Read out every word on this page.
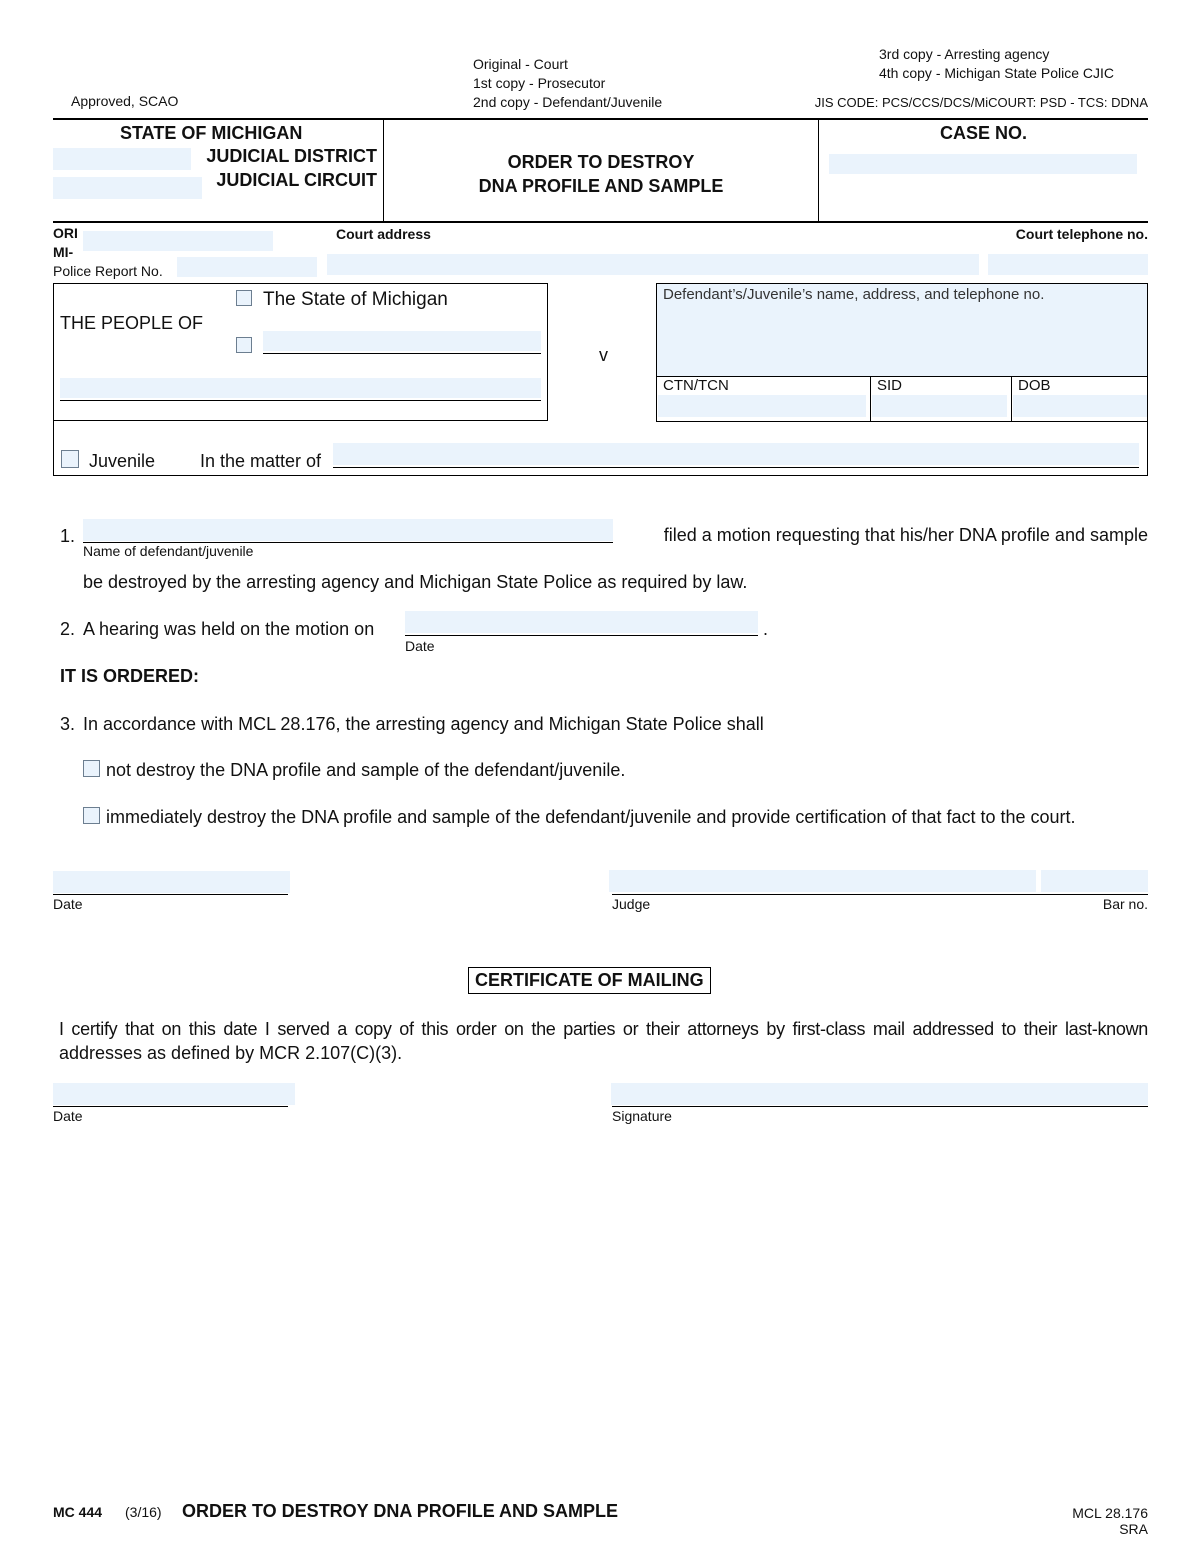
Approved, SCAO
Original - Court
1st copy - Prosecutor
2nd copy - Defendant/Juvenile
3rd copy - Arresting agency
4th copy - Michigan State Police CJIC
JIS CODE: PCS/CCS/DCS/MiCOURT: PSD - TCS: DDNA
STATE OF MICHIGAN
JUDICIAL DISTRICT
JUDICIAL CIRCUIT
ORDER TO DESTROY
DNA PROFILE AND SAMPLE
CASE NO.
ORI
MI-
Police Report No.
Court address	Court telephone no.
THE PEOPLE OF
The State of Michigan
v
Defendant’s/Juvenile’s name, address, and telephone no.
CTN/TCN	SID	DOB
Juvenile In the matter of
1.	filed a motion requesting that his/her DNA profile and sample
Name of defendant/juvenile
be destroyed by the arresting agency and Michigan State Police as required by law.
2. A hearing was held on the motion on	.
Date
IT IS ORDERED:
3. In accordance with MCL 28.176, the arresting agency and Michigan State Police shall
not destroy the DNA profile and sample of the defendant/juvenile.
immediately destroy the DNA profile and sample of the defendant/juvenile and provide certification of that fact to the court.
Date	Judge	Bar no.
CERTIFICATE OF MAILING
I certify that on this date I served a copy of this order on the parties or their attorneys by first-class mail addressed to their last-known
addresses as defined by MCR 2.107(C)(3).
Date	Signature
MC 444 (3/16) ORDER TO DESTROY DNA PROFILE AND SAMPLE	MCL 28.176
SRA
